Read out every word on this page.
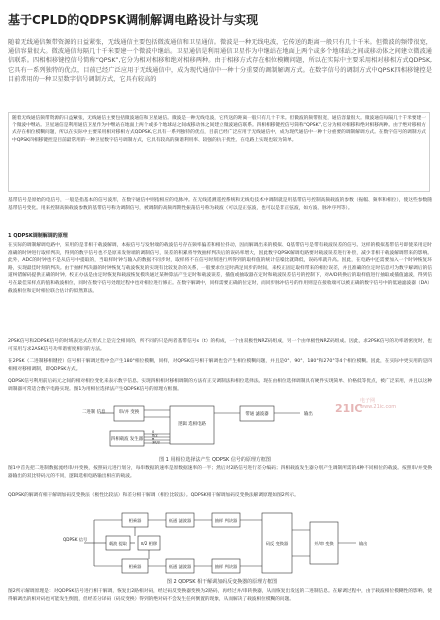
基于CPLD的QDPSK调制解调电路设计与实现
随着无线通信频带资源的日益紧张，无线通信主要包括微波通信和卫星通信。微波是一种无线电波，它传送的距离一般只有几十千米。但微波的频带很宽，通信容量很大。微波通信每隔几十千米要建一个微波中继站。卫星通信是利用通信卫星作为中继站在地面上两个或多个地球站之间或移动体之间建立微波通信联系。四相相移键控信号简称“QPSK”,它分为相对相移和绝对相移两种。由于相移方式存在相位模糊问题，所以在实际中主要采用相对移相方式QDPSK,它具有一系列独特的优点，目前已经广泛应用于无线通信中，成为现代通信中一种十分重要的调制解调方式。在数字信号的调制方式中QPSK四相移键控是目前常用的一种卫星数字信号调制方式，它具有较高的
随着无线通信频带资源的日益紧张，无线通信主要包括微波通信和卫星通信。微波是一种无线电波，它传送的距离一般只有几十千米。但微波的频带很宽，通信容量很大。微波通信每隔几十千米要建一个微波中继站。卫星通信是利用通信卫星作为中继站在地面上两个或多个地球站之间或移动体之间建立微波通信联系。四相相移键控信号简称“QPSK”,它分为相对相移和绝对相移两种。由于绝对移相方式存在相位模糊问题，所以在实际中主要采用相对移相方式QDPSK,它具有一系列独特的优点，目前已经广泛应用于无线通信中，成为现代通信中一种十分重要的调制解调方式。在数字信号的调制方式中QPSK四相移键控是目前最常用的一种卫星数字信号调制方式，它具有较高的频谱利用率、较强的抗干扰性、在电路上实现也较为简单。
基带信号是原始的电信号，一般是指基本的信号波形，在数字通信中则指相应的电脉冲。在无线遥测遥控系统和无线电技术中调制就是用基带信号控制高频载波的参数（振幅、频率和相位），使这些参数随基带信号变化。用来控制高频载波参数的基带信号称为调制信号，被调制的高频周期性振荡信号称为载波（可以是正弦波，也可以是非正弦波，如方波、脉冲序列等）。
1 QDPSK调制解调的原理
在实际的调制解调电路中，采用的是非相干载波解调，本振信号与发射端的载波信号存在频率偏差和相位抖动，因而解调出来的模拟、Q基带信号是带有载波误差的信号。这样的模拟基带信号即使采用定时准确的时钟进行取样判决，得到的数字信号也不是原来发射端的调制信号，误差的积累将导致抽样判决后的误码率增大，因此数字QPSK解调电路要对载波误差进行补偿，减少非相干载波解调带来的影响。此外，ADC的时钟也不是从信号中提取的，当取样时钟与输入的数据不同步时，取样将不在信号时刻进行所得到的取样值的统计信噪比就降低，误码率就升高。因此，在电路中还需要加入一个时钟恢复环路，实现最佳时刻的判决。由于抽样判决器的时钟恢复与载波恢复的实现有比较复杂的关系，一般要求位定时满足同步的时间，来校正固定取样带来的相位误差，并且准确的位定时信息可为数字解调后的信道纠错解码提供正确的时钟。校正办法是由定时恢复和载波恢复模块通过某种算法产生定时和载波误差，插值或抽取器在定时和载波误差信号的控制下，对A/D转换后的取样值进行抽取或插值滤波，得到信号在最佳采样点的值和载波相位，同时在数字信号处理过程中也对相位进行修正。在数字解调中，同样需要正确的位定时，而同步脉冲信号的作用则是在接收端可以被正确的数字信号中的低通滤波器（DA）截波相位和定时相位联合估计的似然算法。
2PSK信号和2DPSK信号的时域表达式在形式上是完全相同的，所不同的只是两者基带信号s（t）的构成，一个由双极性NRZ码组成，另一个由单极性NRZ码组成。因此，求2PSK信号的功率谱密度时，也可采用与求2ASK信号功率谱密度相同的方法。
在2PSK（二进制移相键控）信号相干解调过程中会产生180°相位模糊，同样，对QPSK信号相干解调也会产生相位模糊问题，并且是0°、90°、180°和270°等4个相位模糊。因此，在实际中更实用的是四相相对移相调制，即QDPSK方式。
QDPSK信号利用前后码元之间的相对相位变化来表示数字信息。实现四相相对移相调制的方法有正交调制法和相位选择法。现在由相位选择调制具有硬件实现简单、价格低等优点，被广泛采用，并且以这种调制器可常适合数字电路实现。图1为用相位选择法产生QDPSK信号的原理方框图。
二进制 信息	串/并 变换
逻辑 选相电路
带通 滤波器
四相载波 发生器
0
π/2
π
3π/2
输出
图 1 用相位选择法产生 QDPSK 信号的原理方框图
21IC
电子网
www.21ic.com
图1中首先把二进制数据流经串/并变换，按照码元进行划分，每串数据的速率是原数据速率的一半；然后对2路信号进行差分编码；四相载波发生器分别产生调制所需的4种不同相位的载波。按照串/并变换器输出的双比特码元的不同，逻辑选相电路输出相应的载波。
QDPSK的解调有相干解调加码反变换法（极性比较法）和差分相干解调（相位比较法）。QDPSK相干解调加码反变换法解调原理如图2所示。
QDPSK 信号
相乘器	低通 滤波器	抽样 判决器
相乘器	低通 滤波器	抽样 判决器
载波 提取	π/2 相移	码反 变换器	并/串 变换	输出
图 2 QDPSK 相干解调加码反变换器的原理方框图
图2所示解调原理是：对QDPSK信号进行相干解调，恢复出2路相对码，经过码反变换器变换为2路码，再经过并/串转换器，从而恢复出发送的二进制信息。在解调过程中，由于载波相位模糊性的影响，使得解调出的相对码也可能发生倒置，但经差分译码（码反变换）得到的绝对码不会发生任何倒置的现象，从而解决了载波相位模糊的问题。
